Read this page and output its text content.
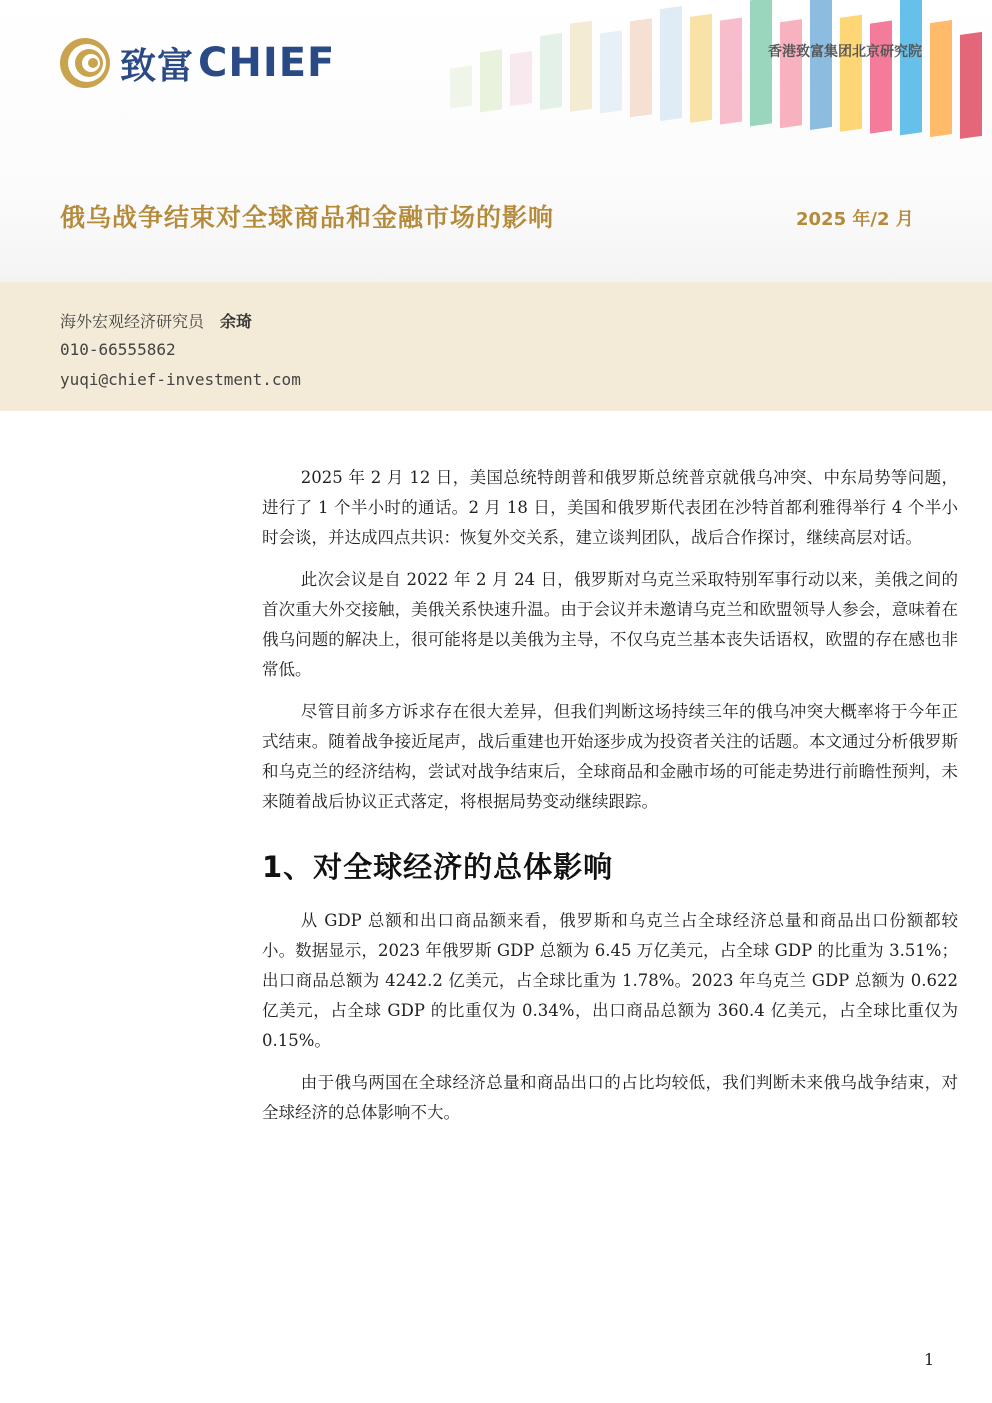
致富 CHIEF	香港致富集团北京研究院
俄乌战争结束对全球商品和金融市场的影响	2025 年/2 月
海外宏观经济研究员 余琦
010-66555862
yuqi@chief-investment.com

2025 年 2 月 12 日，美国总统特朗普和俄罗斯总统普京就俄乌冲突、中东局势等问题，进行了 1 个半小时的通话。2 月 18 日，美国和俄罗斯代表团在沙特首都利雅得举行 4 个半小时会谈，并达成四点共识：恢复外交关系，建立谈判团队，战后合作探讨，继续高层对话。

此次会议是自 2022 年 2 月 24 日，俄罗斯对乌克兰采取特别军事行动以来，美俄之间的首次重大外交接触，美俄关系快速升温。由于会议并未邀请乌克兰和欧盟领导人参会，意味着在俄乌问题的解决上，很可能将是以美俄为主导，不仅乌克兰基本丧失话语权，欧盟的存在感也非常低。

尽管目前多方诉求存在很大差异，但我们判断这场持续三年的俄乌冲突大概率将于今年正式结束。随着战争接近尾声，战后重建也开始逐步成为投资者关注的话题。本文通过分析俄罗斯和乌克兰的经济结构，尝试对战争结束后，全球商品和金融市场的可能走势进行前瞻性预判，未来随着战后协议正式落定，将根据局势变动继续跟踪。

1、对全球经济的总体影响

从 GDP 总额和出口商品额来看，俄罗斯和乌克兰占全球经济总量和商品出口份额都较小。数据显示，2023 年俄罗斯 GDP 总额为 6.45 万亿美元，占全球 GDP 的比重为 3.51%；出口商品总额为 4242.2 亿美元，占全球比重为 1.78%。2023 年乌克兰 GDP 总额为 0.622 亿美元，占全球 GDP 的比重仅为 0.34%，出口商品总额为 360.4 亿美元，占全球比重仅为 0.15%。

由于俄乌两国在全球经济总量和商品出口的占比均较低，我们判断未来俄乌战争结束，对全球经济的总体影响不大。

1
